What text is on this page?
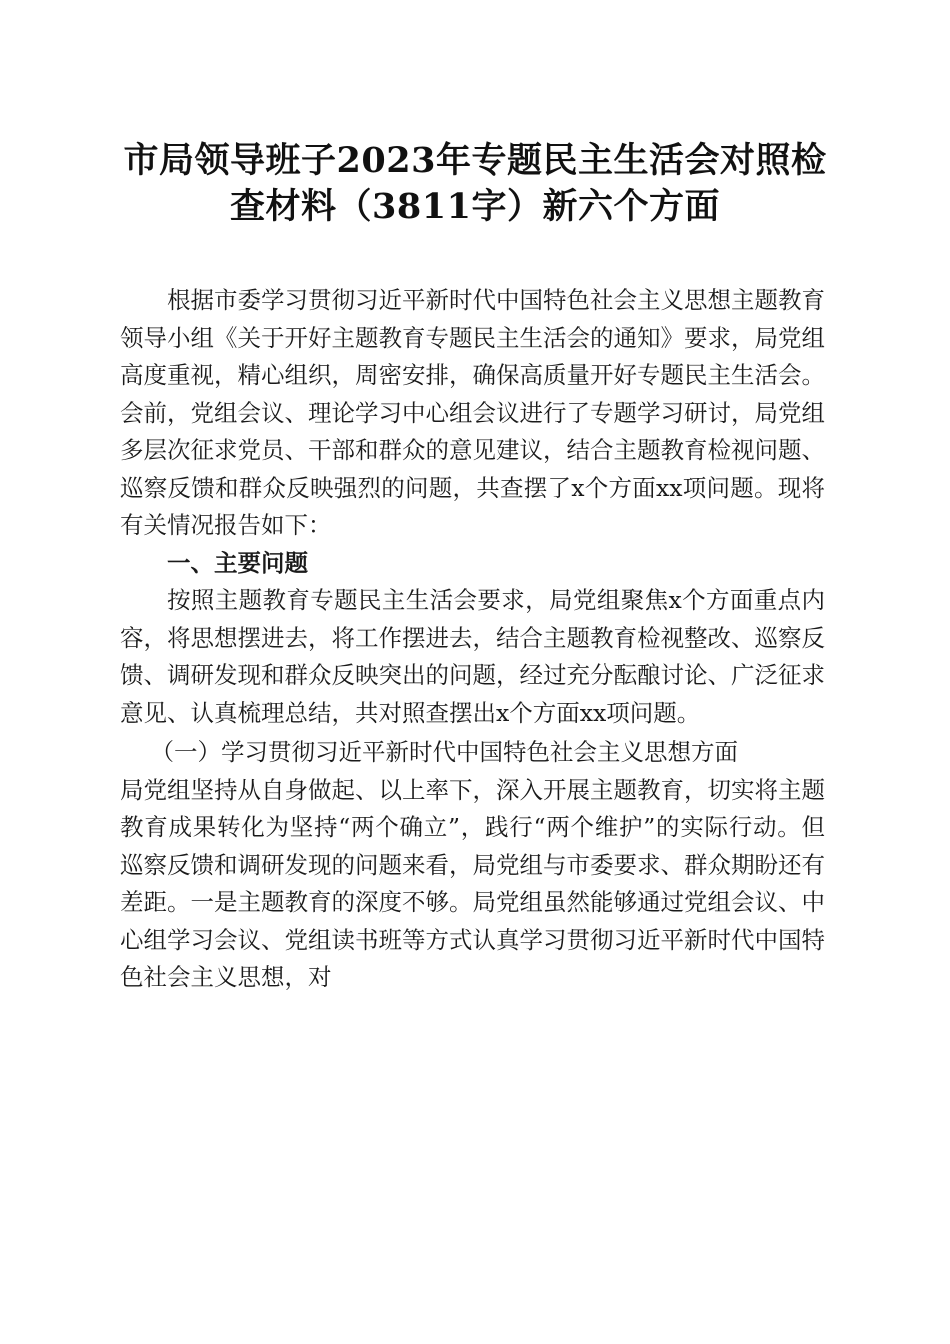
市局领导班子2023年专题民主生活会对照检
查材料（3811字）新六个方面

根据市委学习贯彻习近平新时代中国特色社会主义思想主题教育领导小组《关于开好主题教育专题民主生活会的通知》要求，局党组高度重视，精心组织，周密安排，确保高质量开好专题民主生活会。会前，党组会议、理论学习中心组会议进行了专题学习研讨，局党组多层次征求党员、干部和群众的意见建议，结合主题教育检视问题、巡察反馈和群众反映强烈的问题，共查摆了x个方面xx项问题。现将有关情况报告如下：

一、主要问题

按照主题教育专题民主生活会要求，局党组聚焦x个方面重点内容，将思想摆进去，将工作摆进去，结合主题教育检视整改、巡察反馈、调研发现和群众反映突出的问题，经过充分酝酿讨论、广泛征求意见、认真梳理总结，共对照查摆出x个方面xx项问题。

（一）学习贯彻习近平新时代中国特色社会主义思想方面

局党组坚持从自身做起、以上率下，深入开展主题教育，切实将主题教育成果转化为坚持“两个确立”，践行“两个维护”的实际行动。但巡察反馈和调研发现的问题来看，局党组与市委要求、群众期盼还有差距。一是主题教育的深度不够。局党组虽然能够通过党组会议、中心组学习会议、党组读书班等方式认真学习贯彻习近平新时代中国特色社会主义思想，对
